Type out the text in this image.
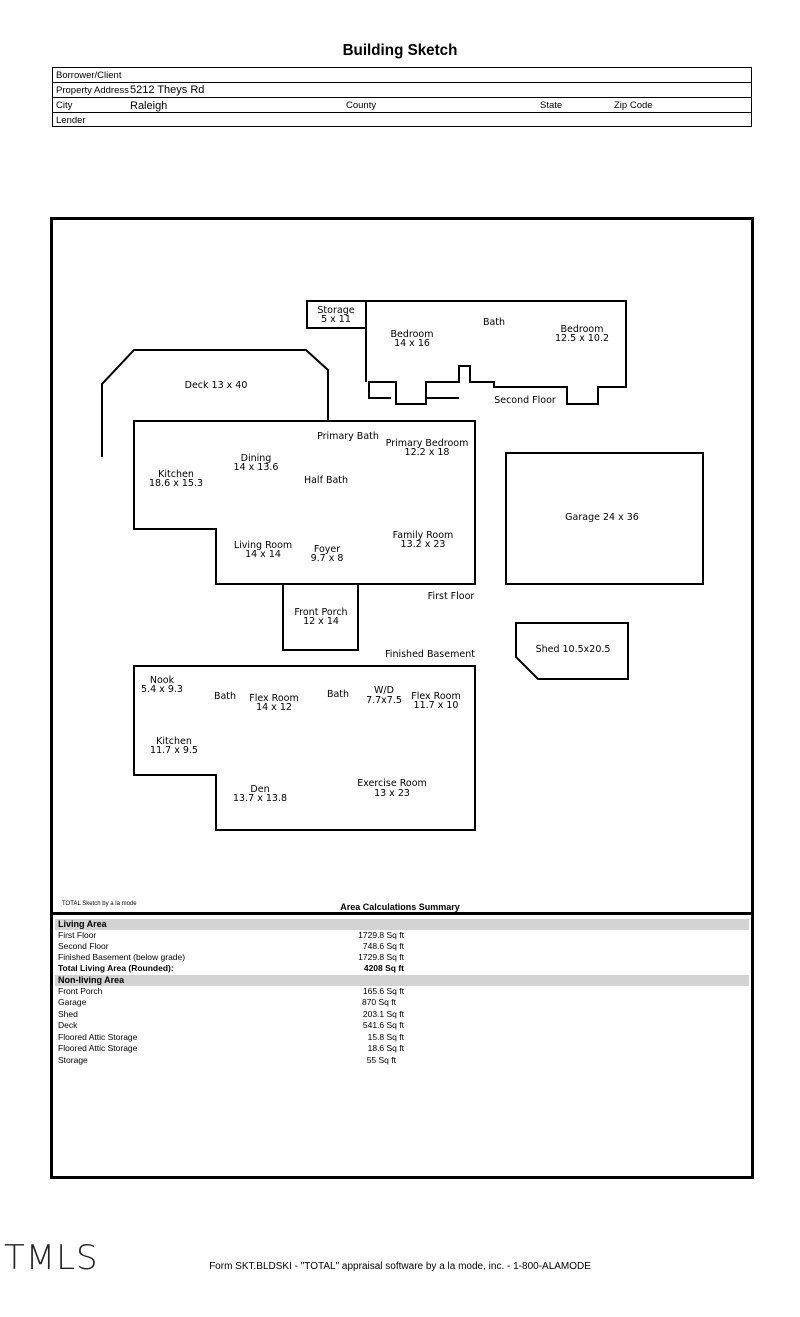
Building Sketch
Borrower/Client
Property Address 5212 Theys Rd
City	Raleigh	County	State	Zip Code
Lender
Storage 5 x 11
Bedroom 14 x 16
Bath
Bedroom 12.5 x 10.2
Second Floor
Deck 13 x 40
Primary Bath
Primary Bedroom 12.2 x 18
Dining 14 x 13.6
Kitchen 18.6 x 15.3	Half Bath
Living Room 14 x 14	Foyer 9.7 x 8
Family Room 13.2 x 23
Garage 24 x 36
Front Porch 12 x 14
First Floor
Shed 10.5x20.5
Finished Basement
Nook 5.4 x 9.3
Bath Flex Room 14 x 12
Bath	W/D 7.7x7.5 Flex Room 11.7 x 10
Kitchen 11.7 x 9.5
Den 13.7 x 13.8
Exercise Room 13 x 23
TOTAL Sketch by a la mode	Area Calculations Summary
Living Area
First Floor	1729.8 Sq ft
Second Floor	748.6 Sq ft
Finished Basement (below grade)	1729.8 Sq ft
Total Living Area (Rounded):	4208 Sq ft
Non-living Area
Front Porch	165.6 Sq ft
Garage	870 Sq ft
Shed	203.1 Sq ft
Deck	541.6 Sq ft
Floored Attic Storage	15.8 Sq ft
Floored Attic Storage	18.6 Sq ft
Storage	55 Sq ft
TMLS	Form SKT.BLDSKI - "TOTAL" appraisal software by a la mode, inc. - 1-800-ALAMODE
